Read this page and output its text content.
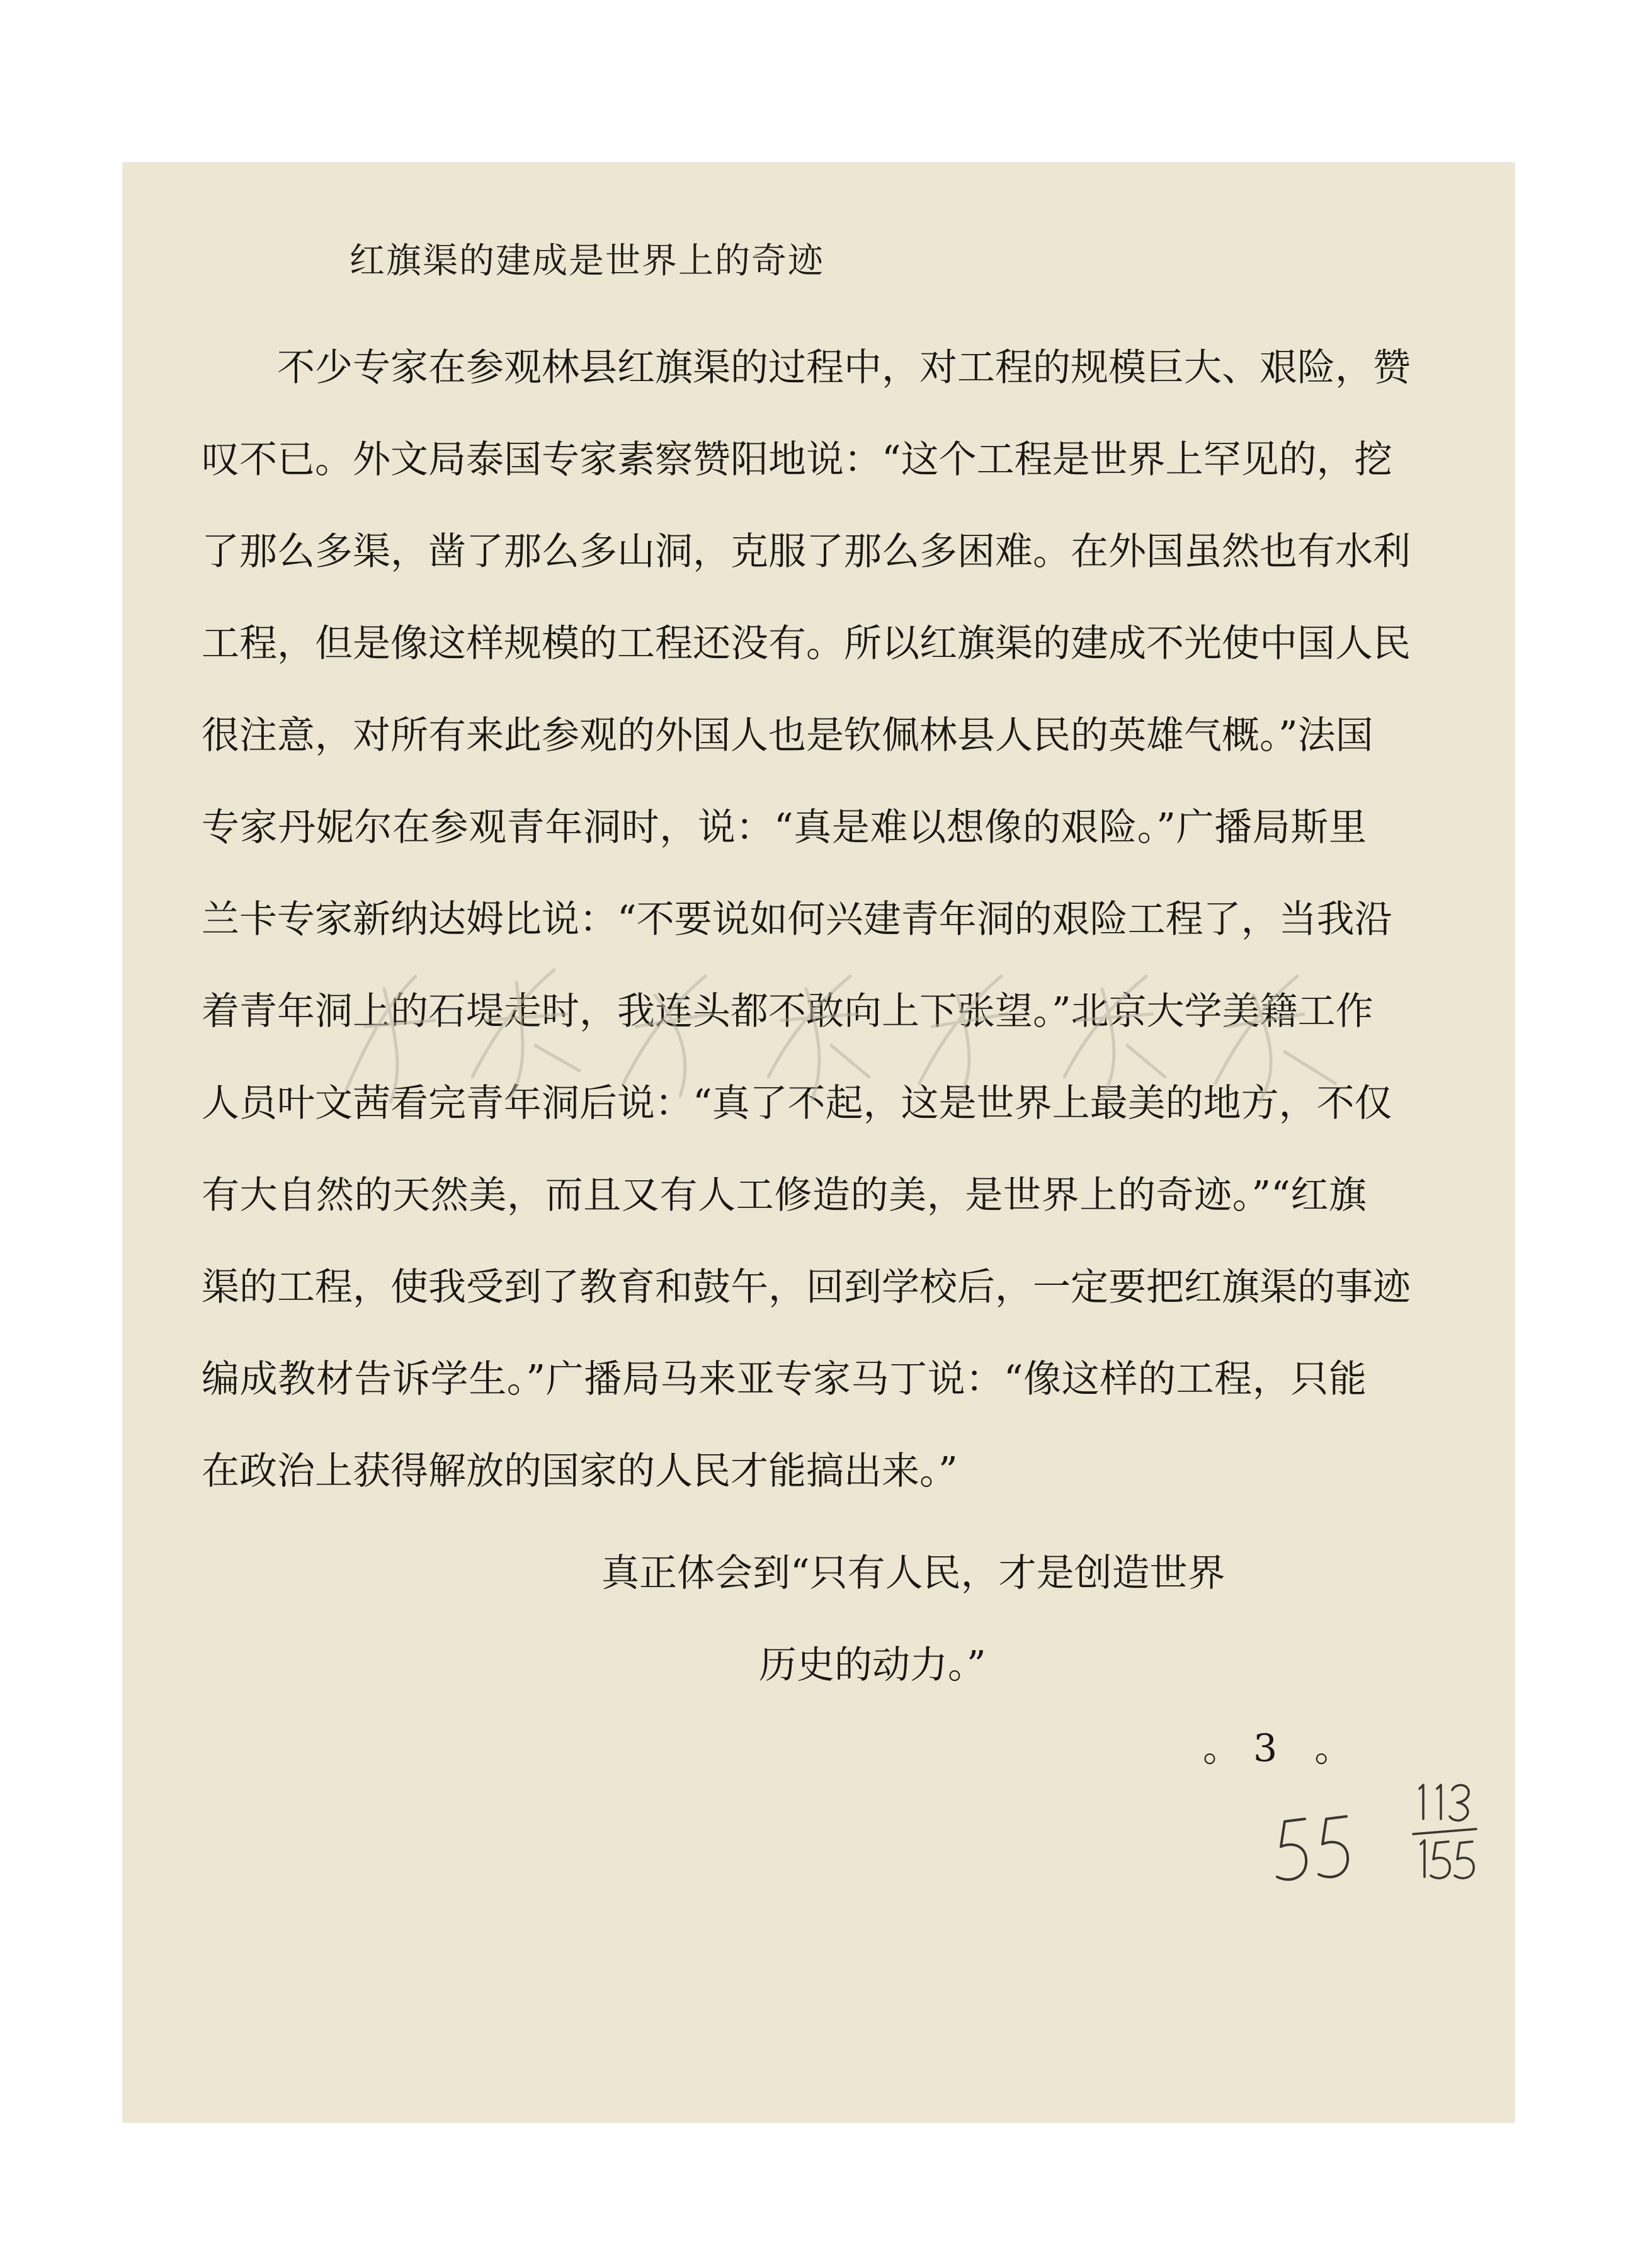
红旗渠的建成是世界上的奇迹
不少专家在参观林县红旗渠的过程中，对工程的规模巨大、艰险，赞
叹不已。外文局泰国专家素察赞阳地说：“这个工程是世界上罕见的，挖
了那么多渠，凿了那么多山洞，克服了那么多困难。在外国虽然也有水利
工程，但是像这样规模的工程还没有。所以红旗渠的建成不光使中国人民
很注意，对所有来此参观的外国人也是钦佩林县人民的英雄气概。”法国
专家丹妮尔在参观青年洞时，说：“真是难以想像的艰险。”广播局斯里
兰卡专家新纳达姆比说：“不要说如何兴建青年洞的艰险工程了，当我沿
着青年洞上的石堤走时，我连头都不敢向上下张望。”北京大学美籍工作
人员叶文茜看完青年洞后说：“真了不起，这是世界上最美的地方，不仅
有大自然的天然美，而且又有人工修造的美，是世界上的奇迹。”“红旗
渠的工程，使我受到了教育和鼓午，回到学校后，一定要把红旗渠的事迹
编成教材告诉学生。”广播局马来亚专家马丁说：“像这样的工程，只能
在政治上获得解放的国家的人民才能搞出来。”
真正体会到“只有人民，才是创造世界
历史的动力。”
。3 。
